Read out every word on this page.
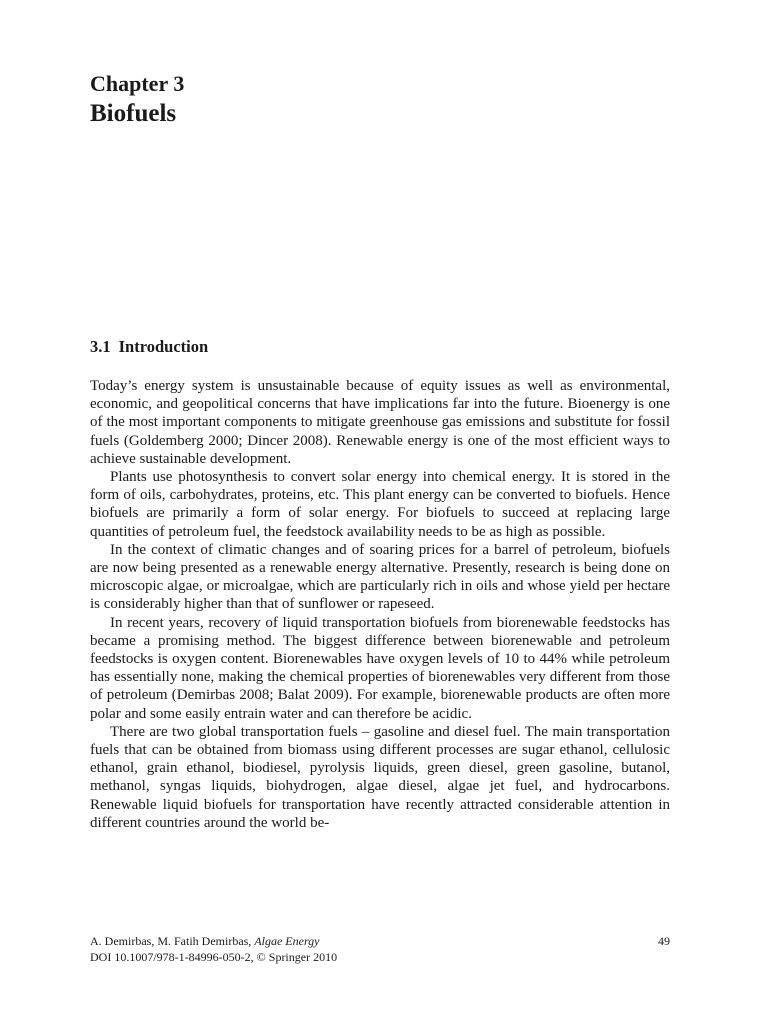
Chapter 3
Biofuels
3.1 Introduction

Today’s energy system is unsustainable because of equity issues as well as environmental, economic, and geopolitical concerns that have implications far into the future. Bioenergy is one of the most important components to mitigate greenhouse gas emissions and substitute for fossil fuels (Goldemberg 2000; Dincer 2008). Renewable energy is one of the most efficient ways to achieve sustainable development.

Plants use photosynthesis to convert solar energy into chemical energy. It is stored in the form of oils, carbohydrates, proteins, etc. This plant energy can be converted to biofuels. Hence biofuels are primarily a form of solar energy. For biofuels to succeed at replacing large quantities of petroleum fuel, the feedstock availability needs to be as high as possible.

In the context of climatic changes and of soaring prices for a barrel of petroleum, biofuels are now being presented as a renewable energy alternative. Presently, research is being done on microscopic algae, or microalgae, which are particularly rich in oils and whose yield per hectare is considerably higher than that of sunflower or rapeseed.

In recent years, recovery of liquid transportation biofuels from biorenewable feedstocks has became a promising method. The biggest difference between biorenewable and petroleum feedstocks is oxygen content. Biorenewables have oxygen levels of 10 to 44% while petroleum has essentially none, making the chemical properties of biorenewables very different from those of petroleum (Demirbas 2008; Balat 2009). For example, biorenewable products are often more polar and some easily entrain water and can therefore be acidic.

There are two global transportation fuels – gasoline and diesel fuel. The main transportation fuels that can be obtained from biomass using different processes are sugar ethanol, cellulosic ethanol, grain ethanol, biodiesel, pyrolysis liquids, green diesel, green gasoline, butanol, methanol, syngas liquids, biohydrogen, algae diesel, algae jet fuel, and hydrocarbons. Renewable liquid biofuels for transportation have recently attracted considerable attention in different countries around the world be-

A. Demirbas, M. Fatih Demirbas, Algae Energy	49
DOI 10.1007/978-1-84996-050-2, © Springer 2010
